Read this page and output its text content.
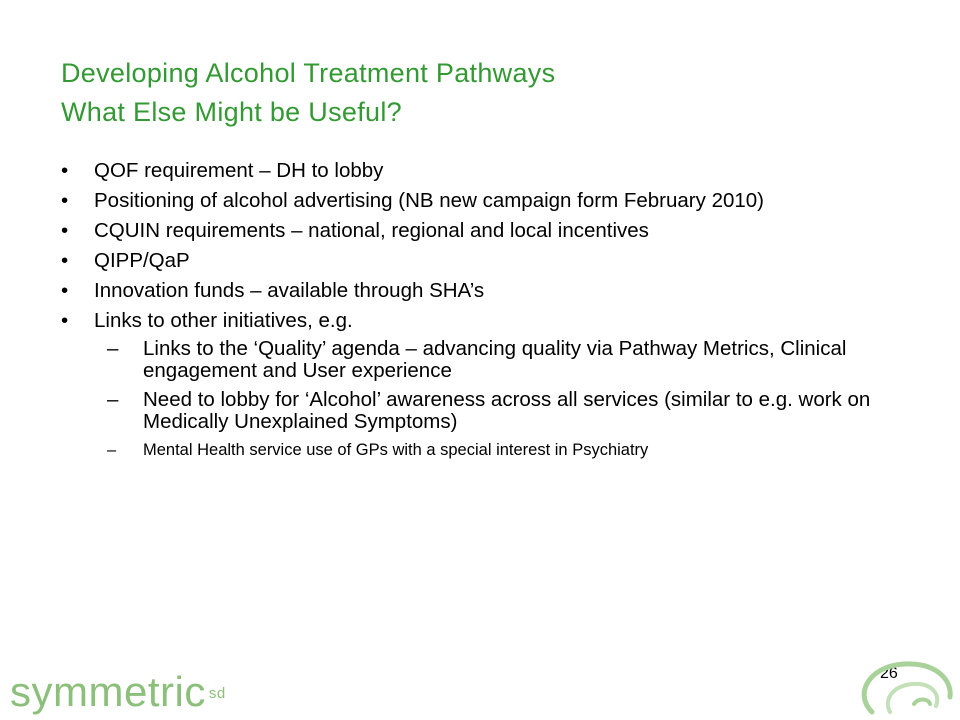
Developing Alcohol Treatment Pathways
What Else Might be Useful?
•	QOF requirement – DH to lobby
•	Positioning of alcohol advertising (NB new campaign form February 2010)
•	CQUIN requirements – national, regional and local incentives
•	QIPP/QaP
•	Innovation funds – available through SHA’s
•	Links to other initiatives, e.g.
– Links to the ‘Quality’ agenda – advancing quality via Pathway Metrics, Clinical engagement and User experience
– Need to lobby for ‘Alcohol’ awareness across all services (similar to e.g. work on Medically Unexplained Symptoms)
– Mental Health service use of GPs with a special interest in Psychiatry
26
symmetric $^{sd}$
